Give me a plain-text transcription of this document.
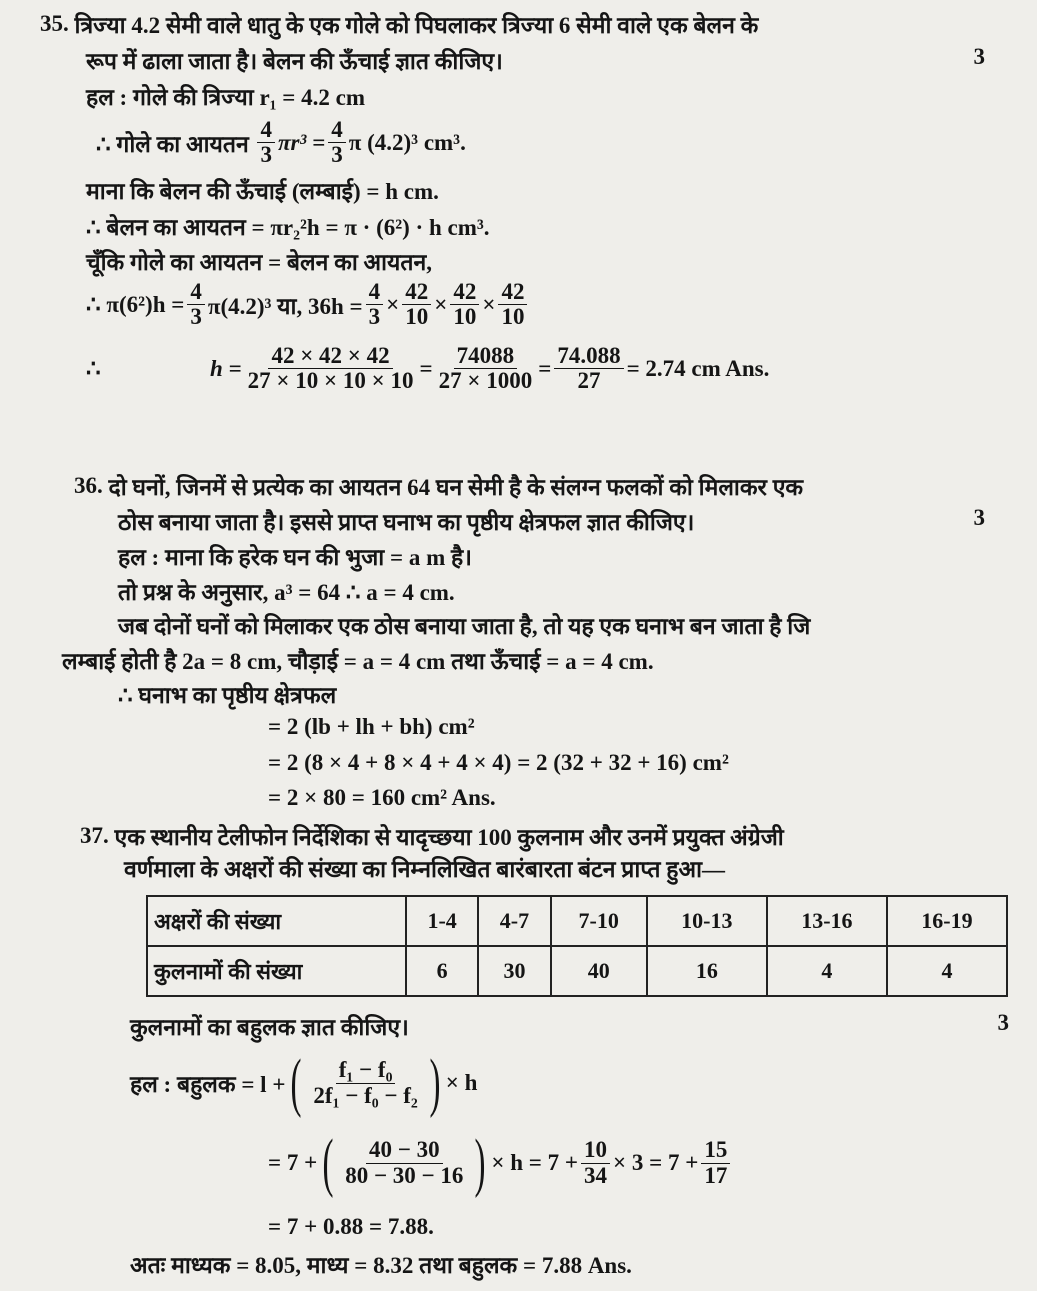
35.
त्रिज्या 4.2 सेमी वाले धातु के एक गोले को पिघलाकर त्रिज्या 6 सेमी वाले एक बेलन के
रूप में ढाला जाता है। बेलन की ऊँचाई ज्ञात कीजिए।	3
हल : गोले की त्रिज्या r₁ = 4.2 cm
∴ गोले का आयतन
$\frac{4}{3} \pi r^3 = \frac{4}{3}$ π (4.2)³ cm³.
माना कि बेलन की ऊँचाई (लम्बाई) = h cm.
∴ बेलन का आयतन = πr₂²h = π · (6²) · h cm³.
चूँकि गोले का आयतन = बेलन का आयतन,
∴ $\pi(6^2)h = \frac{4}{3} \pi(4.2)^3$ या, $36h = \frac{4}{3} \times \frac{42}{10} \times \frac{42}{10} \times \frac{42}{10}$
∴	$h = \frac{42 \times 42 \times 42}{27 \times 10 \times 10 \times 10} = \frac{74088}{27 \times 1000} = \frac{74.088}{27} = 2.74$ cm Ans.
36.
दो घनों, जिनमें से प्रत्येक का आयतन 64 घन सेमी है के संलग्न फलकों को मिलाकर एक
ठोस बनाया जाता है। इससे प्राप्त घनाभ का पृष्ठीय क्षेत्रफल ज्ञात कीजिए।	3
हल : माना कि हरेक घन की भुजा = a m है।
तो प्रश्न के अनुसार, a³ = 64 ∴ a = 4 cm.
जब दोनों घनों को मिलाकर एक ठोस बनाया जाता है, तो यह एक घनाभ बन जाता है जि
लम्बाई होती है 2a = 8 cm, चौड़ाई = a = 4 cm तथा ऊँचाई = a = 4 cm.
∴ घनाभ का पृष्ठीय क्षेत्रफल
= 2 (lb + lh + bh) cm²
= 2 (8 × 4 + 8 × 4 + 4 × 4) = 2 (32 + 32 + 16) cm²
= 2 × 80 = 160 cm² Ans.
37.
एक स्थानीय टेलीफोन निर्देशिका से यादृच्छया 100 कुलनाम और उनमें प्रयुक्त अंग्रेजी
वर्णमाला के अक्षरों की संख्या का निम्नलिखित बारंबारता बंटन प्राप्त हुआ—
अक्षरों की संख्या	1-4	4-7	7-10	10-13	13-16	16-19
कुलनामों की संख्या	6	30	40	16	4	4
कुलनामों का बहुलक ज्ञात कीजिए।	3
हल : बहुलक = l + ( $\frac{\text{f₁ − f₀}}{\text{2f₁ − f₀ − f₂}}$ ) × h
= 7 + ( $\frac{40 - 30}{80 - 30 - 16}$ ) × $h = 7 + \frac{10}{34} \times 3 = 7 + \frac{15}{17}$
= 7 + 0.88 = 7.88.
अतः माध्यक = 8.05, माध्य = 8.32 तथा बहुलक = 7.88 Ans.
